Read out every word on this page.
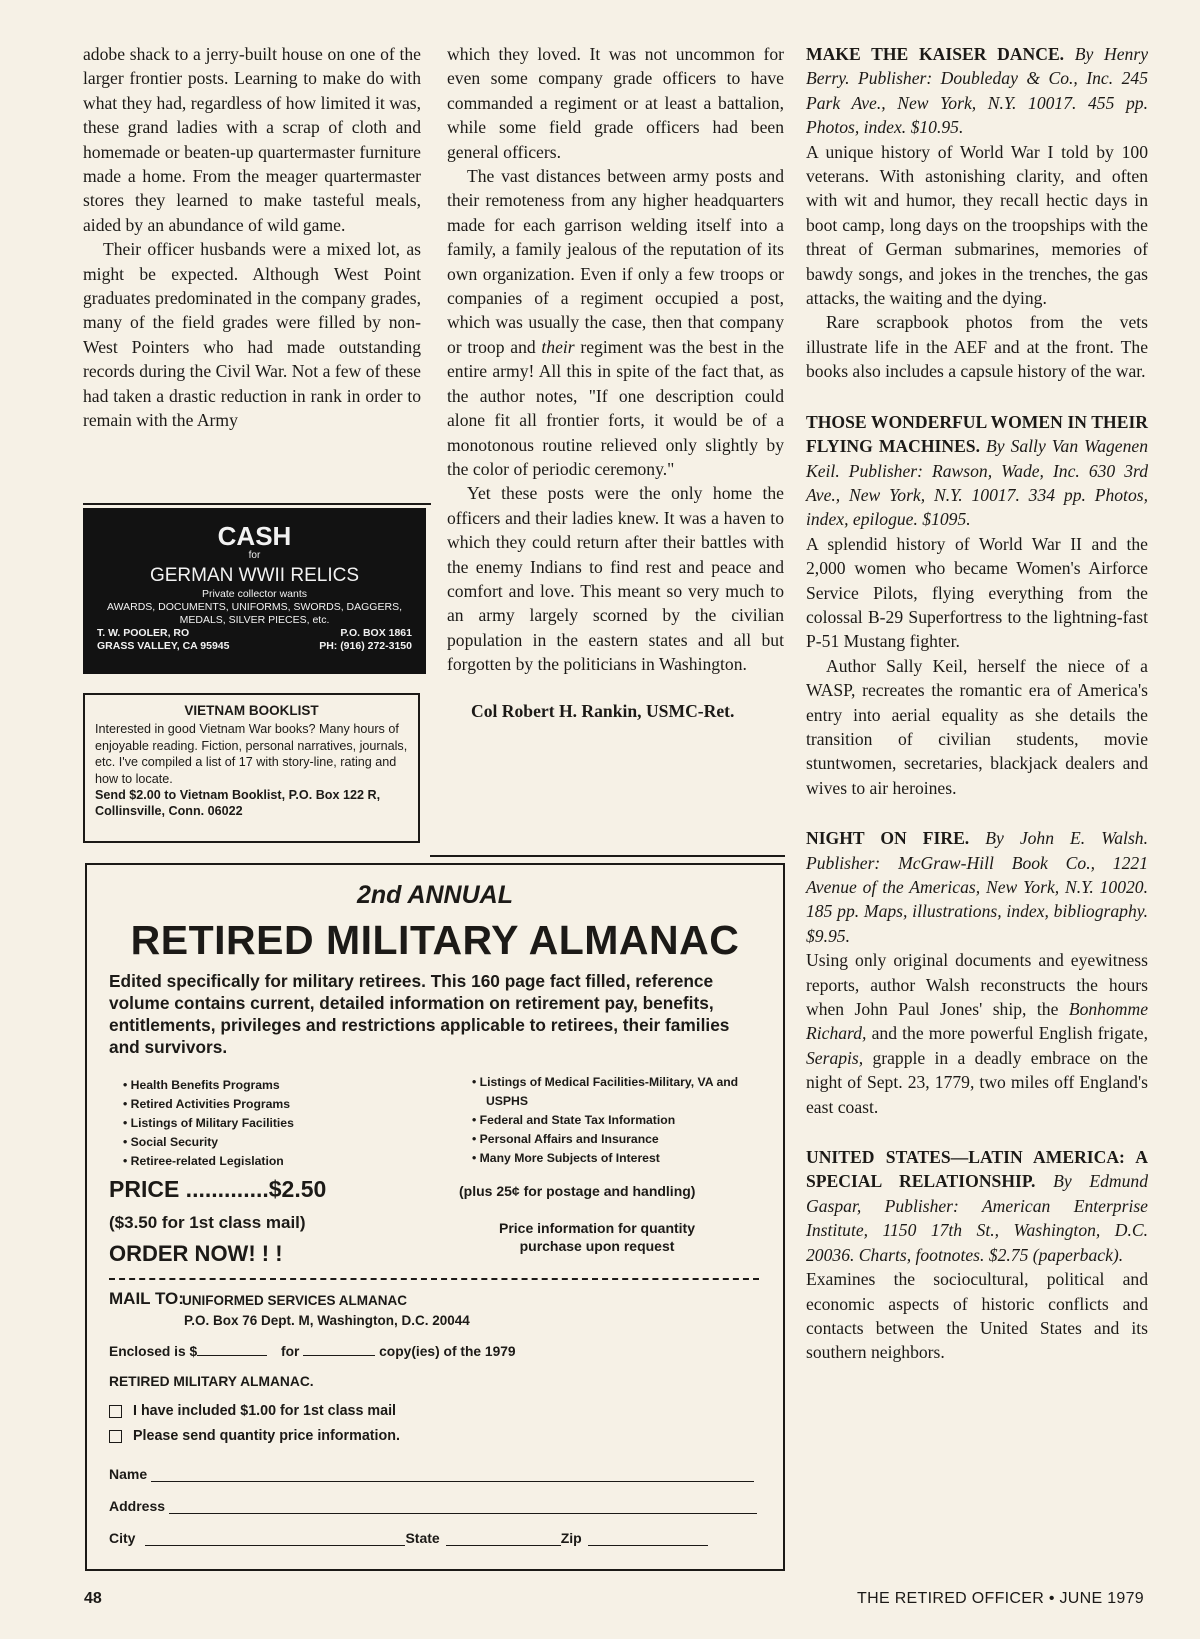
adobe shack to a jerry-built house on one of the larger frontier posts. Learning to make do with what they had, regardless of how limited it was, these grand ladies with a scrap of cloth and homemade or beaten-up quartermaster furniture made a home. From the meager quartermaster stores they learned to make tasteful meals, aided by an abundance of wild game.

Their officer husbands were a mixed lot, as might be expected. Although West Point graduates predominated in the company grades, many of the field grades were filled by non-West Pointers who had made outstanding records during the Civil War. Not a few of these had taken a drastic reduction in rank in order to remain with the Army

CASH
for
GERMAN WWII RELICS
Private collector wants
AWARDS, DOCUMENTS, UNIFORMS, SWORDS, DAGGERS, MEDALS, SILVER PIECES, etc.
T. W. POOLER, RO	P.O. BOX 1861
GRASS VALLEY, CA 95945	PH: (916) 272-3150
VIETNAM BOOKLIST
Interested in good Vietnam War books? Many hours of enjoyable reading. Fiction, personal narratives, journals, etc. I've compiled a list of 17 with story-line, rating and how to locate.
Send $2.00 to Vietnam Booklist, P.O. Box 122 R, Collinsville, Conn. 06022

which they loved. It was not uncommon for even some company grade officers to have commanded a regiment or at least a battalion, while some field grade officers had been general officers.

The vast distances between army posts and their remoteness from any higher headquarters made for each garrison welding itself into a family, a family jealous of the reputation of its own organization. Even if only a few troops or companies of a regiment occupied a post, which was usually the case, then that company or troop and their regiment was the best in the entire army! All this in spite of the fact that, as the author notes, "If one description could alone fit all frontier forts, it would be of a monotonous routine relieved only slightly by the color of periodic ceremony."

Yet these posts were the only home the officers and their ladies knew. It was a haven to which they could return after their battles with the enemy Indians to find rest and peace and comfort and love. This meant so very much to an army largely scorned by the civilian population in the eastern states and all but forgotten by the politicians in Washington.

Col Robert H. Rankin, USMC-Ret.

2nd ANNUAL
RETIRED MILITARY ALMANAC
Edited specifically for military retirees. This 160 page fact filled, reference volume contains current, detailed information on retirement pay, benefits, entitlements, privileges and restrictions applicable to retirees, their families and survivors.
• Health Benefits Programs
• Retired Activities Programs
• Listings of Military Facilities
• Social Security
• Retiree-related Legislation
• Listings of Medical Facilities-Military, VA and
USPHS
• Federal and State Tax Information
• Personal Affairs and Insurance
• Many More Subjects of Interest
PRICE .............$2.50	(plus 25¢ for postage and handling)
($3.50 for 1st class mail)
ORDER NOW! ! !
Price information for quantity
purchase upon request
MAIL TO:
UNIFORMED SERVICES ALMANAC
P.O. Box 76 Dept. M, Washington, D.C. 20044
Enclosed is $	for	copy(ies) of the 1979
RETIRED MILITARY ALMANAC.
I have included $1.00 for 1st class mail
Please send quantity price information.
Name
Address
City	State	Zip

MAKE THE KAISER DANCE. By Henry Berry. Publisher: Doubleday & Co., Inc. 245 Park Ave., New York, N.Y. 10017. 455 pp. Photos, index. $10.95.

A unique history of World War I told by 100 veterans. With astonishing clarity, and often with wit and humor, they recall hectic days in boot camp, long days on the troopships with the threat of German submarines, memories of bawdy songs, and jokes in the trenches, the gas attacks, the waiting and the dying.

Rare scrapbook photos from the vets illustrate life in the AEF and at the front. The books also includes a capsule history of the war.

THOSE WONDERFUL WOMEN IN THEIR FLYING MACHINES. By Sally Van Wagenen Keil. Publisher: Rawson, Wade, Inc. 630 3rd Ave., New York, N.Y. 10017. 334 pp. Photos, index, epilogue. $1095.

A splendid history of World War II and the 2,000 women who became Women's Airforce Service Pilots, flying everything from the colossal B-29 Superfortress to the lightning-fast P-51 Mustang fighter.

Author Sally Keil, herself the niece of a WASP, recreates the romantic era of America's entry into aerial equality as she details the transition of civilian students, movie stuntwomen, secretaries, blackjack dealers and wives to air heroines.

NIGHT ON FIRE. By John E. Walsh. Publisher: McGraw-Hill Book Co., 1221 Avenue of the Americas, New York, N.Y. 10020. 185 pp. Maps, illustrations, index, bibliography. $9.95.

Using only original documents and eyewitness reports, author Walsh reconstructs the hours when John Paul Jones' ship, the Bonhomme Richard, and the more powerful English frigate, Serapis, grapple in a deadly embrace on the night of Sept. 23, 1779, two miles off England's east coast.

UNITED STATES—LATIN AMERICA: A SPECIAL RELATIONSHIP. By Edmund Gaspar, Publisher: American Enterprise Institute, 1150 17th St., Washington, D.C. 20036. Charts, footnotes. $2.75 (paperback).

Examines the sociocultural, political and economic aspects of historic conflicts and contacts between the United States and its southern neighbors.

48	THE RETIRED OFFICER • JUNE 1979
